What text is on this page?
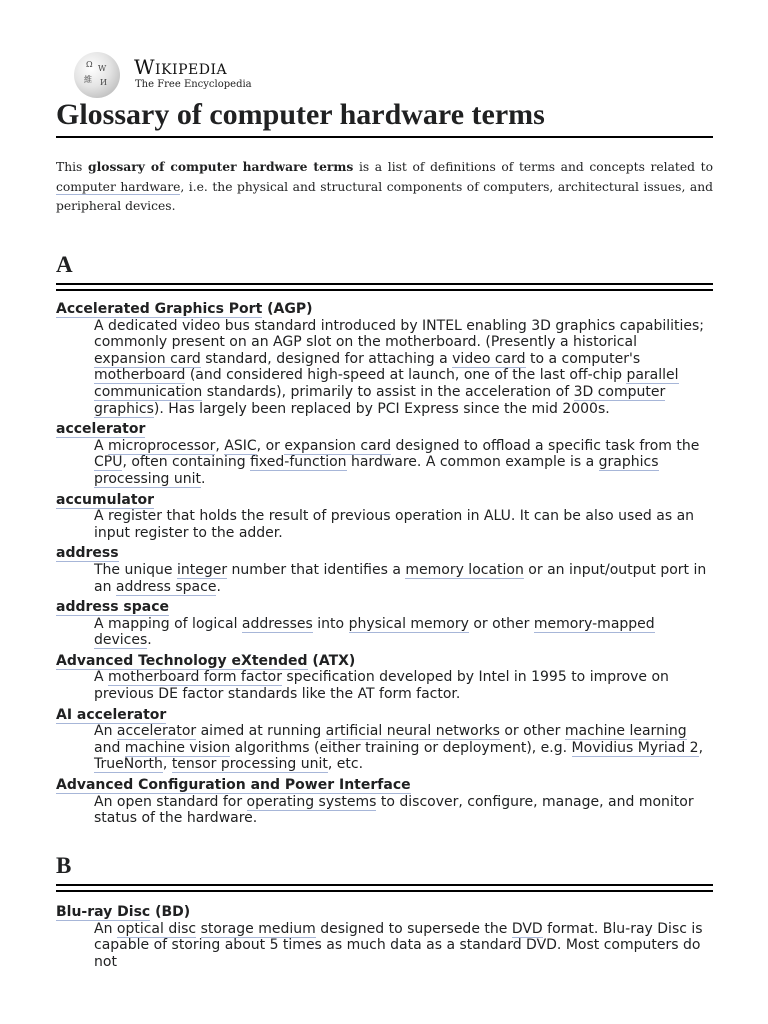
Ω W
維 И
Wikipedia
The Free Encyclopedia
Glossary of computer hardware terms

This glossary of computer hardware terms is a list of definitions of terms and concepts related to computer hardware, i.e. the physical and structural components of computers, architectural issues, and peripheral devices.

A
Accelerated Graphics Port (AGP)
A dedicated video bus standard introduced by INTEL enabling 3D graphics capabilities; commonly present on an AGP slot on the motherboard. (Presently a historical expansion card standard, designed for attaching a video card to a computer's motherboard (and considered high-speed at launch, one of the last off-chip parallel communication standards), primarily to assist in the acceleration of 3D computer graphics). Has largely been replaced by PCI Express since the mid 2000s.
accelerator
A microprocessor, ASIC, or expansion card designed to offload a specific task from the CPU, often containing fixed-function hardware. A common example is a graphics processing unit.
accumulator
A register that holds the result of previous operation in ALU. It can be also used as an input register to the adder.
address
The unique integer number that identifies a memory location or an input/output port in an address space.
address space
A mapping of logical addresses into physical memory or other memory-mapped devices.
Advanced Technology eXtended (ATX)
A motherboard form factor specification developed by Intel in 1995 to improve on previous DE factor standards like the AT form factor.
AI accelerator
An accelerator aimed at running artificial neural networks or other machine learning and machine vision algorithms (either training or deployment), e.g. Movidius Myriad 2, TrueNorth, tensor processing unit, etc.
Advanced Configuration and Power Interface
An open standard for operating systems to discover, configure, manage, and monitor status of the hardware.
B
Blu-ray Disc (BD)
An optical disc storage medium designed to supersede the DVD format. Blu-ray Disc is capable of storing about 5 times as much data as a standard DVD. Most computers do not
